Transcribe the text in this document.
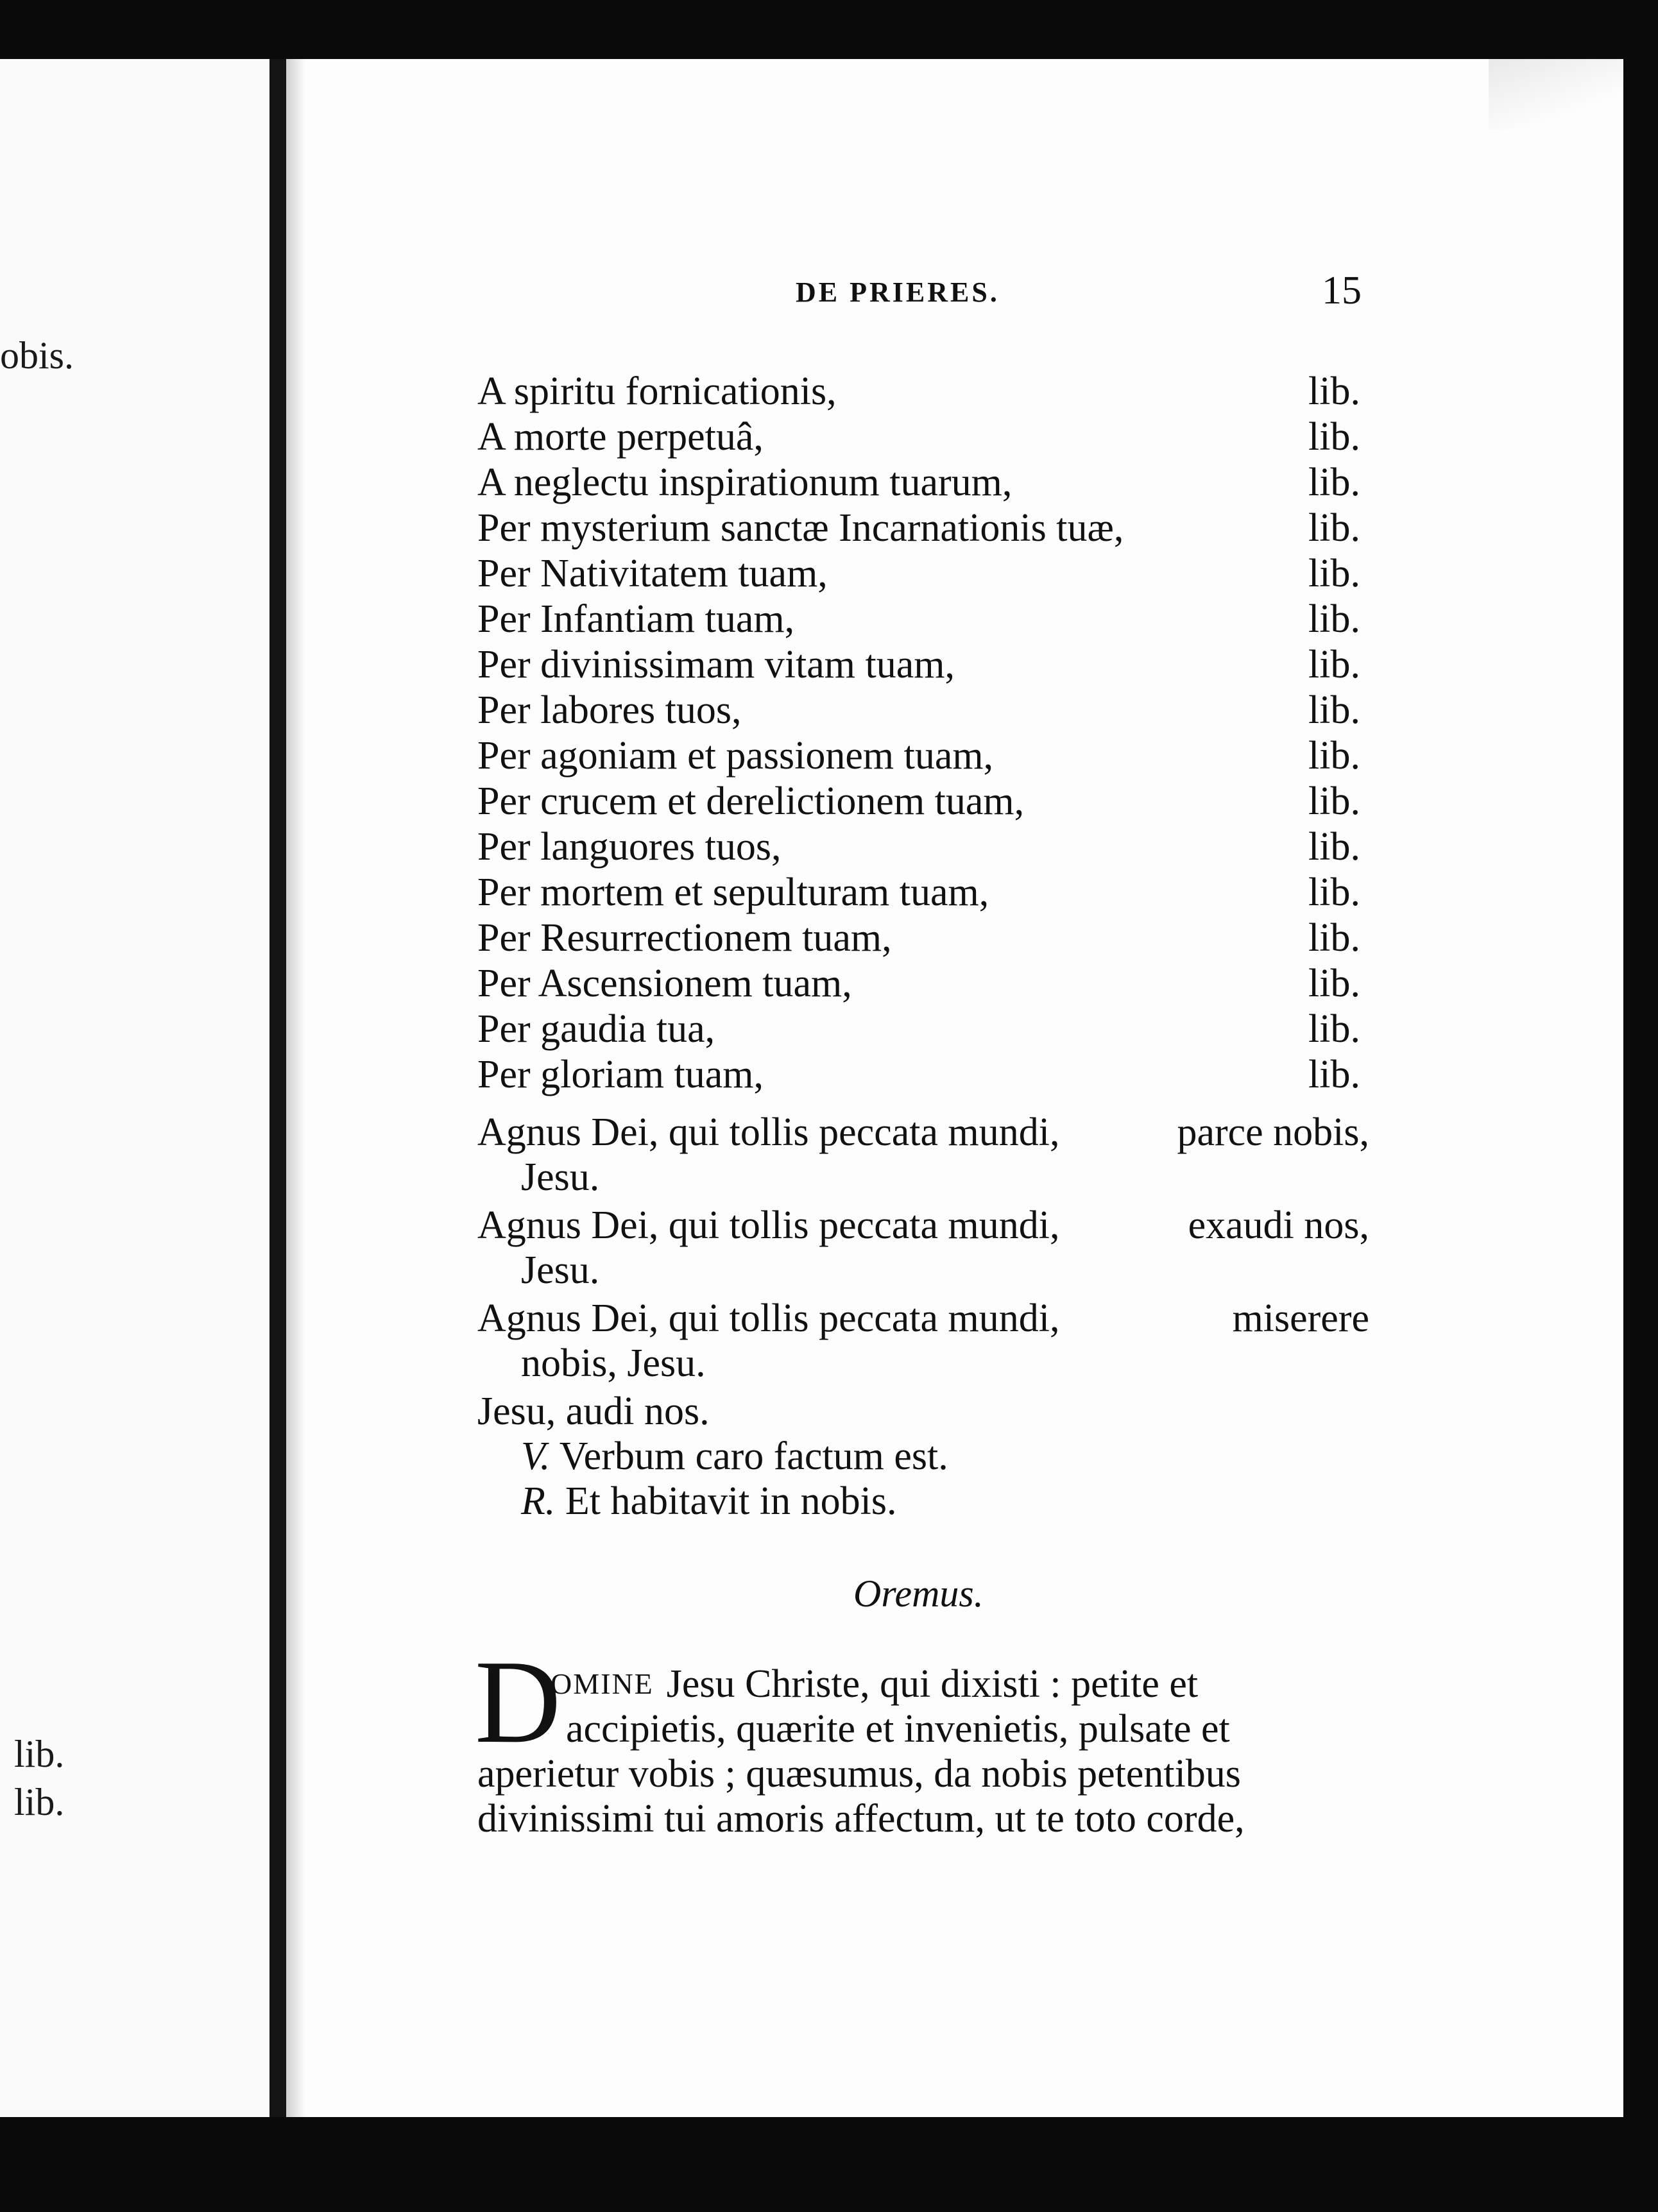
obis.
lib.
lib.
DE PRIERES.	15
A spiritu fornicationis,	lib.
A morte perpetuâ,	lib.
A neglectu inspirationum tuarum,	lib.
Per mysterium sanctæ Incarnationis tuæ,	lib.
Per Nativitatem tuam,	lib.
Per Infantiam tuam,	lib.
Per divinissimam vitam tuam,	lib.
Per labores tuos,	lib.
Per agoniam et passionem tuam,	lib.
Per crucem et derelictionem tuam,	lib.
Per languores tuos,	lib.
Per mortem et sepulturam tuam,	lib.
Per Resurrectionem tuam,	lib.
Per Ascensionem tuam,	lib.
Per gaudia tua,	lib.
Per gloriam tuam,	lib.
Agnus Dei, qui tollis peccata mundi,	parce nobis,
Jesu.
Agnus Dei, qui tollis peccata mundi,	exaudi nos,
Jesu.
Agnus Dei, qui tollis peccata mundi,	miserere
nobis, Jesu.
Jesu, audi nos.
V. Verbum caro factum est.
R. Et habitavit in nobis.
Oremus.
D
OMINE Jesu Christe, qui dixisti : petite et
accipietis, quærite et invenietis, pulsate et
aperietur vobis ; quæsumus, da nobis petentibus
divinissimi tui amoris affectum, ut te toto corde,
